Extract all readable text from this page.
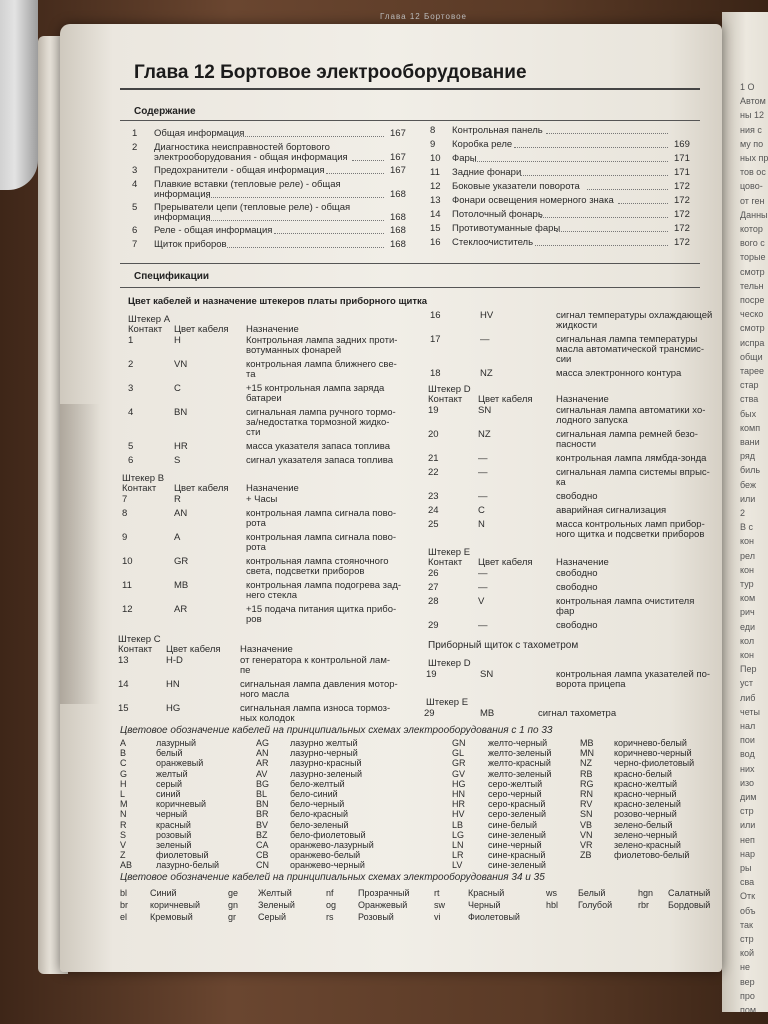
1 О
Автом
ны 12
ния с
му по
ных пр
тов ос
цово-
от ген
Данны
котор
вого с
торые
смотр
тельн
посре
ческо
смотр
испра
общи
тарее
стар
ства
бых
комп
вани
ряд
биль
беж
или
2
В с
кон
рел
кон
тур
ком
рич
еди
кол
кон
Пер
уст
либ
четы
нал
пои
вод
них
изо
дим
стр
или
неп
нар
ры
сва
Отк
объ
так
стр
кой
не
вер
про
пом
Глава 12 Бортовое
Глава 12 Бортовое электрооборудование
Содержание
1 Общая информация	167
2 Диагностика неисправностей бортового
электрооборудования - общая информация	167
3 Предохранители - общая информация	167
4 Плавкие вставки (тепловые реле) - общая
информация	168
5 Прерыватели цепи (тепловые реле) - общая
информация	168
6 Реле - общая информация	168
7 Щиток приборов	168
8 Контрольная панель
9 Коробка реле	169
10 Фары	171
11 Задние фонари	171
12 Боковые указатели поворота	172
13 Фонари освещения номерного знака	172
14 Потолочный фонарь	172
15 Противотуманные фары	172
16 Стеклоочиститель	172
Спецификации
Цвет кабелей и назначение штекеров платы приборного щитка
Штекер А
Контакт Цвет кабеля Назначение
1	H	Контрольная лампа задних проти-
вотуманных фонарей
2	VN	контрольная лампа ближнего све-
та
3	C	+15 контрольная лампа заряда
батареи
4	BN	сигнальная лампа ручного тормо-
за/недостатка тормозной жидко-
сти
5	HR	масса указателя запаса топлива
6	S	сигнал указателя запаса топлива
Штекер В
Контакт Цвет кабеля Назначение
7	R	+ Часы
8	AN	контрольная лампа сигнала пово-
рота
9	A	контрольная лампа сигнала пово-
рота
10	GR	контрольная лампа стояночного
света, подсветки приборов
11	MB	контрольная лампа подогрева зад-
него стекла
12	AR	+15 подача питания щитка прибо-
ров
Штекер С
Контакт Цвет кабеля Назначение
13	H-D	от генератора к контрольной лам-
пе
14	HN	сигнальная лампа давления мотор-
ного масла
15	HG	сигнальная лампа износа тормоз-
ных колодок
16	HV	сигнал температуры охлаждающей
жидкости
17	—	сигнальная лампа температуры
масла автоматической трансмис-
сии
18	NZ	масса электронного контура
Штекер D
Контакт Цвет кабеля Назначение
19	SN	сигнальная лампа автоматики хо-
лодного запуска
20	NZ	сигнальная лампа ремней безо-
пасности
21	—	контрольная лампа лямбда-зонда
22	—	сигнальная лампа системы впрыс-
ка
23	—	свободно
24	C	аварийная сигнализация
25	N	масса контрольных ламп прибор-
ного щитка и подсветки приборов
Штекер Е
Контакт Цвет кабеля Назначение
26	—	свободно
27	—	свободно
28	V	контрольная лампа очистителя
фар
29	—	свободно
Приборный щиток с тахометром
Штекер D
19	SN	контрольная лампа указателей по-
ворота прицепа
Штекер Е
29	MB	сигнал тахометра
Цветовое обозначение кабелей на принципиальных схемах электрооборудования с 1 по 33
A	лазурный
B	белый
C	оранжевый
G	желтый
H	серый
L	синий
M	коричневый
N	черный
R	красный
S	розовый
V	зеленый
Z	фиолетовый
AB	лазурно-белый
AG лазурно желтый
AN лазурно-черный
AR лазурно-красный
AV	лазурно-зеленый
BG бело-желтый
BL	бело-синий
BN бело-черный
BR бело-красный
BV бело-зеленый
BZ бело-фиолетовый
CA оранжево-лазурный
CB оранжево-белый
CN оранжево-черный
GN	желто-черный
GL	желто-зеленый
GR	желто-красный
GV	желто-зеленый
HG	серо-желтый
HN	серо-черный
HR	серо-красный
HV	серо-зеленый
LB	сине-белый
LG	сине-зеленый
LN	сине-черный
LR	сине-красный
LV	сине-зеленый
MB коричнево-белый
MN коричнево-черный
NZ черно-фиолетовый
RB красно-белый
RG красно-желтый
RN красно-черный
RV красно-зеленый
SN розово-черный
VB зелено-белый
VN зелено-черный
VR зелено-красный
ZB фиолетово-белый
Цветовое обозначение кабелей на принципиальных схемах электрооборудования 34 и 35
bl	Синий
br коричневый
el	Кремовый
ge Желтый
gn Зеленый
gr Серый
nf	Прозрачный
og Оранжевый
rs	Розовый
rt	Красный
sw	Черный
vi	Фиолетовый
ws Белый
hbl Голубой
hgn Салатный
rbr Бордовый
